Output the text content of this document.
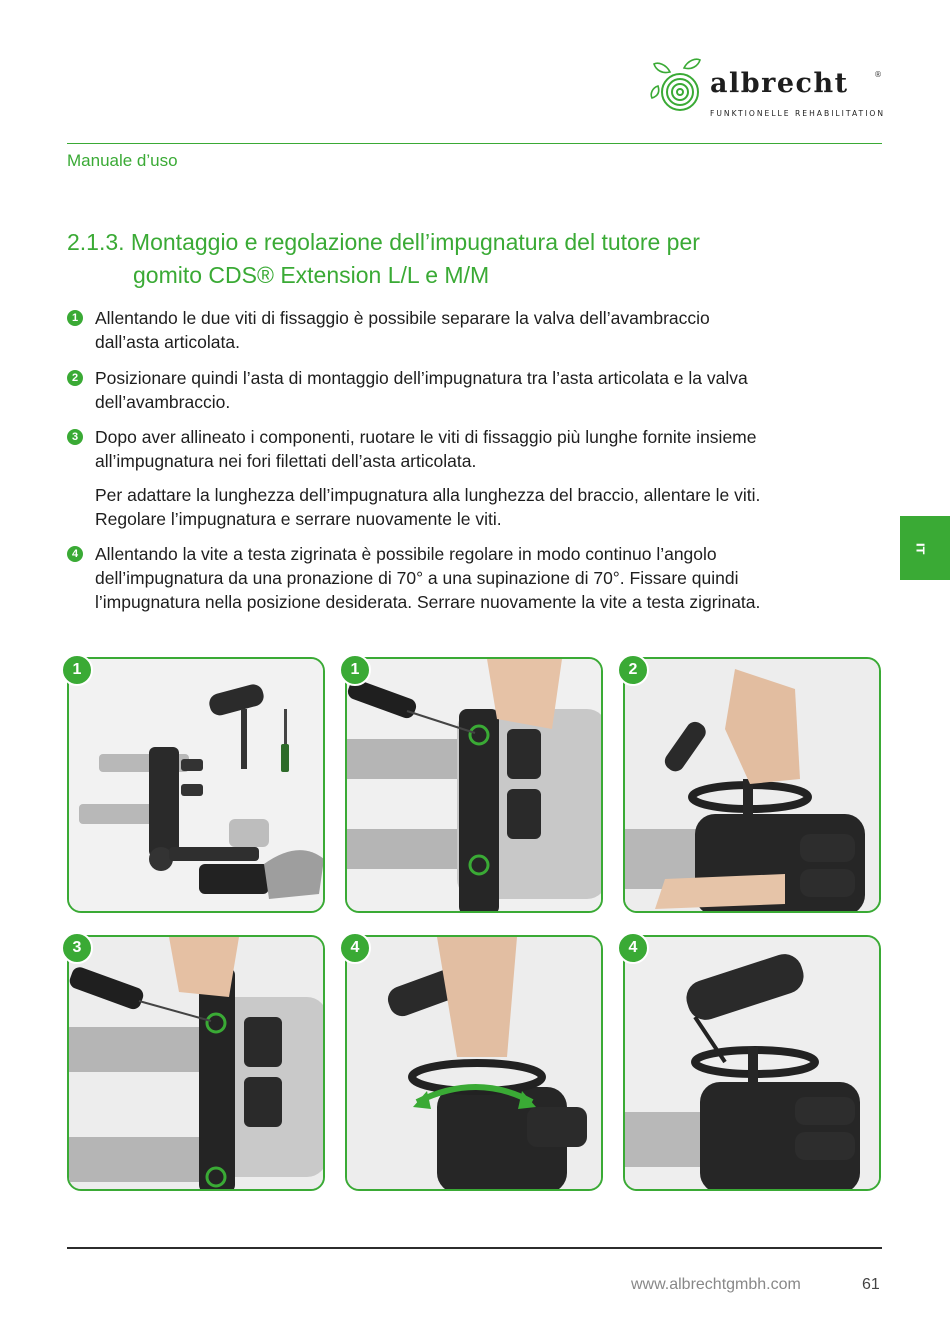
albrecht	®
FUNKTIONELLE REHABILITATION
Manuale d’uso
2.1.3. Montaggio e regolazione dell’impugnatura del tutore per
gomito CDS® Extension L/L e M/M
1 Allentando le due viti di fissaggio è possibile separare la valva dell’avambraccio dall’asta articolata.
2 Posizionare quindi l’asta di montaggio dell’impugnatura tra l’asta articolata e la valva dell’avambraccio.
3 Dopo aver allineato i componenti, ruotare le viti di fissaggio più lunghe fornite insieme all’impugnatura nei fori filettati dell’asta articolata.
Per adattare la lunghezza dell’impugnatura alla lunghezza del braccio, allentare le viti. Regolare l’impugnatura e serrare nuovamente le viti.
4 Allentando la vite a testa zigrinata è possibile regolare in modo continuo l’angolo dell’impugnatura da una pronazione di 70° a una supinazione di 70°. Fissare quindi l’impugnatura nella posizione desiderata. Serrare nuovamente la vite a testa zigrinata.
IT
1	1	2
3	4	4
www.albrechtgmbh.com	61
